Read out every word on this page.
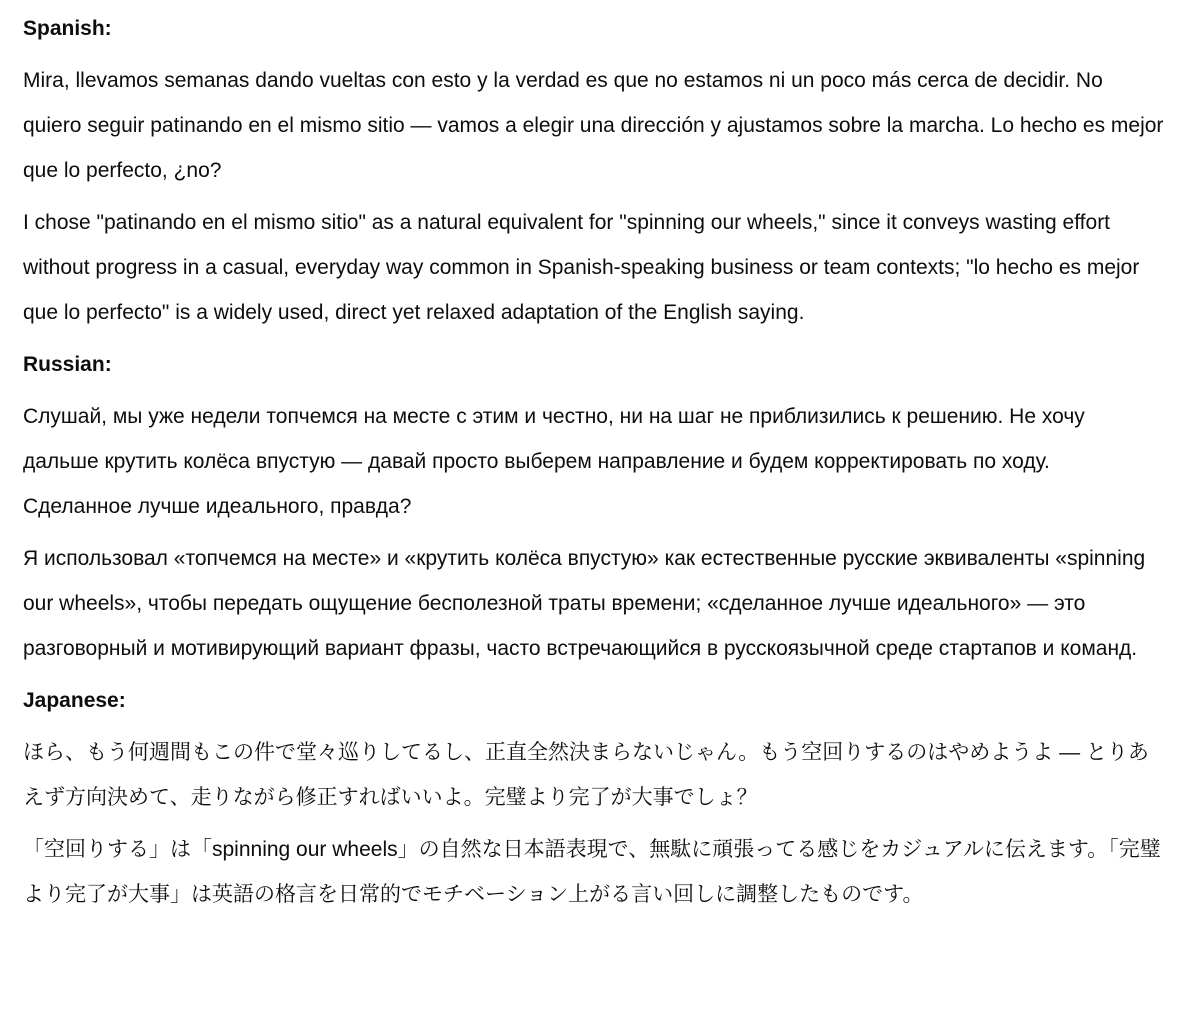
Spanish:

Mira, llevamos semanas dando vueltas con esto y la verdad es que no estamos ni un poco más cerca de decidir. No quiero seguir patinando en el mismo sitio — vamos a elegir una dirección y ajustamos sobre la marcha. Lo hecho es mejor que lo perfecto, ¿no?

I chose "patinando en el mismo sitio" as a natural equivalent for "spinning our wheels," since it conveys wasting effort without progress in a casual, everyday way common in Spanish-speaking business or team contexts; "lo hecho es mejor que lo perfecto" is a widely used, direct yet relaxed adaptation of the English saying.

Russian:

Слушай, мы уже недели топчемся на месте с этим и честно, ни на шаг не приблизились к решению. Не хочу дальше крутить колёса впустую — давай просто выберем направление и будем корректировать по ходу. Сделанное лучше идеального, правда?

Я использовал «топчемся на месте» и «крутить колёса впустую» как естественные русские эквиваленты «spinning our wheels», чтобы передать ощущение бесполезной траты времени; «сделанное лучше идеального» — это разговорный и мотивирующий вариант фразы, часто встречающийся в русскоязычной среде стартапов и команд.

Japanese:

ほら、もう何週間もこの件で堂々巡りしてるし、正直全然決まらないじゃん。もう空回りするのはやめようよ — とりあえず方向決めて、走りながら修正すればいいよ。完璧より完了が大事でしょ？

「空回りする」は「spinning our wheels」の自然な日本語表現で、無駄に頑張ってる感じをカジュアルに伝えます。「完璧より完了が大事」は英語の格言を日常的でモチベーション上がる言い回しに調整したものです。
